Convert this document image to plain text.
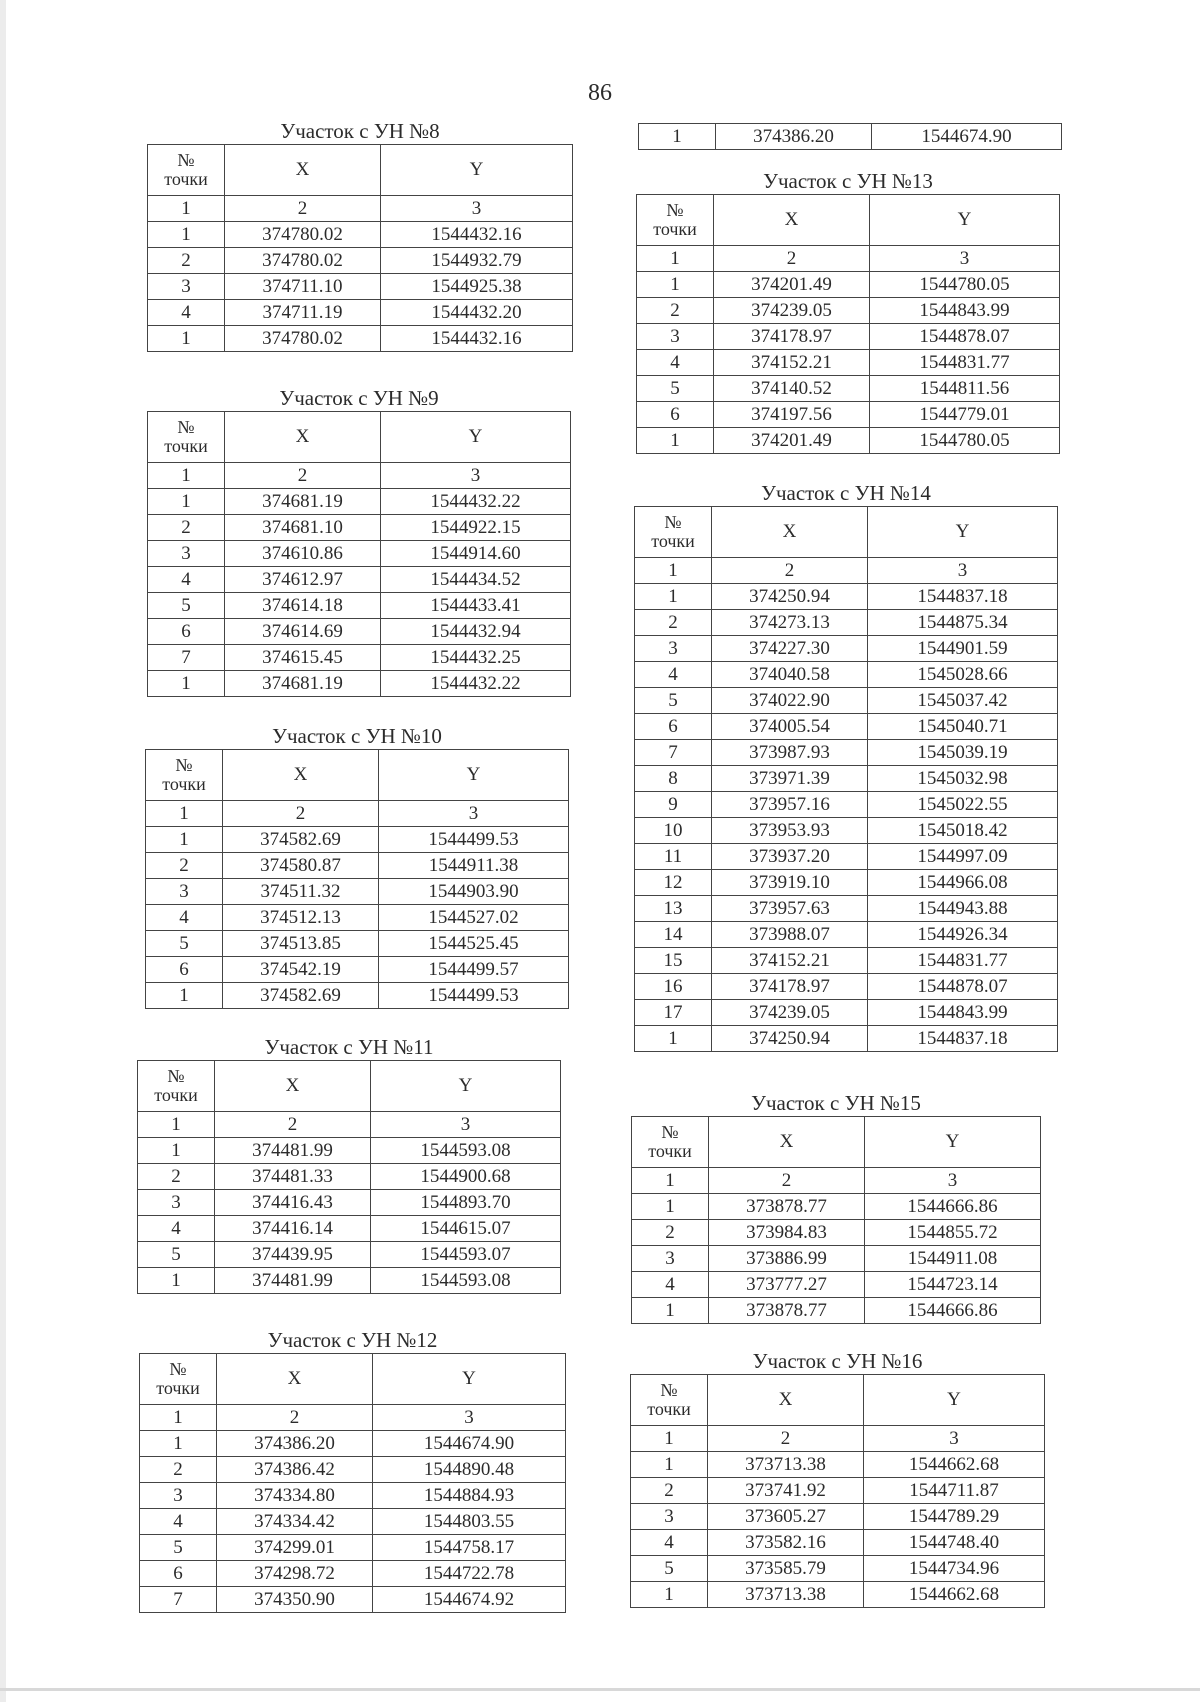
86
1	374386.20	1544674.90
Участок с УН №8
№
точки	X	Y
1	2	3
1	374780.02	1544432.16
2	374780.02	1544932.79
3	374711.10	1544925.38
4	374711.19	1544432.20
1	374780.02	1544432.16
Участок с УН №9
№
точки	X	Y
1	2	3
1	374681.19	1544432.22
2	374681.10	1544922.15
3	374610.86	1544914.60
4	374612.97	1544434.52
5	374614.18	1544433.41
6	374614.69	1544432.94
7	374615.45	1544432.25
1	374681.19	1544432.22
Участок с УН №10
№
точки	X	Y
1	2	3
1	374582.69	1544499.53
2	374580.87	1544911.38
3	374511.32	1544903.90
4	374512.13	1544527.02
5	374513.85	1544525.45
6	374542.19	1544499.57
1	374582.69	1544499.53
Участок с УН №11
№
точки	X	Y
1	2	3
1	374481.99	1544593.08
2	374481.33	1544900.68
3	374416.43	1544893.70
4	374416.14	1544615.07
5	374439.95	1544593.07
1	374481.99	1544593.08
Участок с УН №12
№
точки	X	Y
1	2	3
1	374386.20	1544674.90
2	374386.42	1544890.48
3	374334.80	1544884.93
4	374334.42	1544803.55
5	374299.01	1544758.17
6	374298.72	1544722.78
7	374350.90	1544674.92
Участок с УН №13
№
точки	X	Y
1	2	3
1	374201.49	1544780.05
2	374239.05	1544843.99
3	374178.97	1544878.07
4	374152.21	1544831.77
5	374140.52	1544811.56
6	374197.56	1544779.01
1	374201.49	1544780.05
Участок с УН №14
№
точки	X	Y
1	2	3
1	374250.94	1544837.18
2	374273.13	1544875.34
3	374227.30	1544901.59
4	374040.58	1545028.66
5	374022.90	1545037.42
6	374005.54	1545040.71
7	373987.93	1545039.19
8	373971.39	1545032.98
9	373957.16	1545022.55
10	373953.93	1545018.42
11	373937.20	1544997.09
12	373919.10	1544966.08
13	373957.63	1544943.88
14	373988.07	1544926.34
15	374152.21	1544831.77
16	374178.97	1544878.07
17	374239.05	1544843.99
1	374250.94	1544837.18
Участок с УН №15
№
точки	X	Y
1	2	3
1	373878.77	1544666.86
2	373984.83	1544855.72
3	373886.99	1544911.08
4	373777.27	1544723.14
1	373878.77	1544666.86
Участок с УН №16
№
точки	X	Y
1	2	3
1	373713.38	1544662.68
2	373741.92	1544711.87
3	373605.27	1544789.29
4	373582.16	1544748.40
5	373585.79	1544734.96
1	373713.38	1544662.68
